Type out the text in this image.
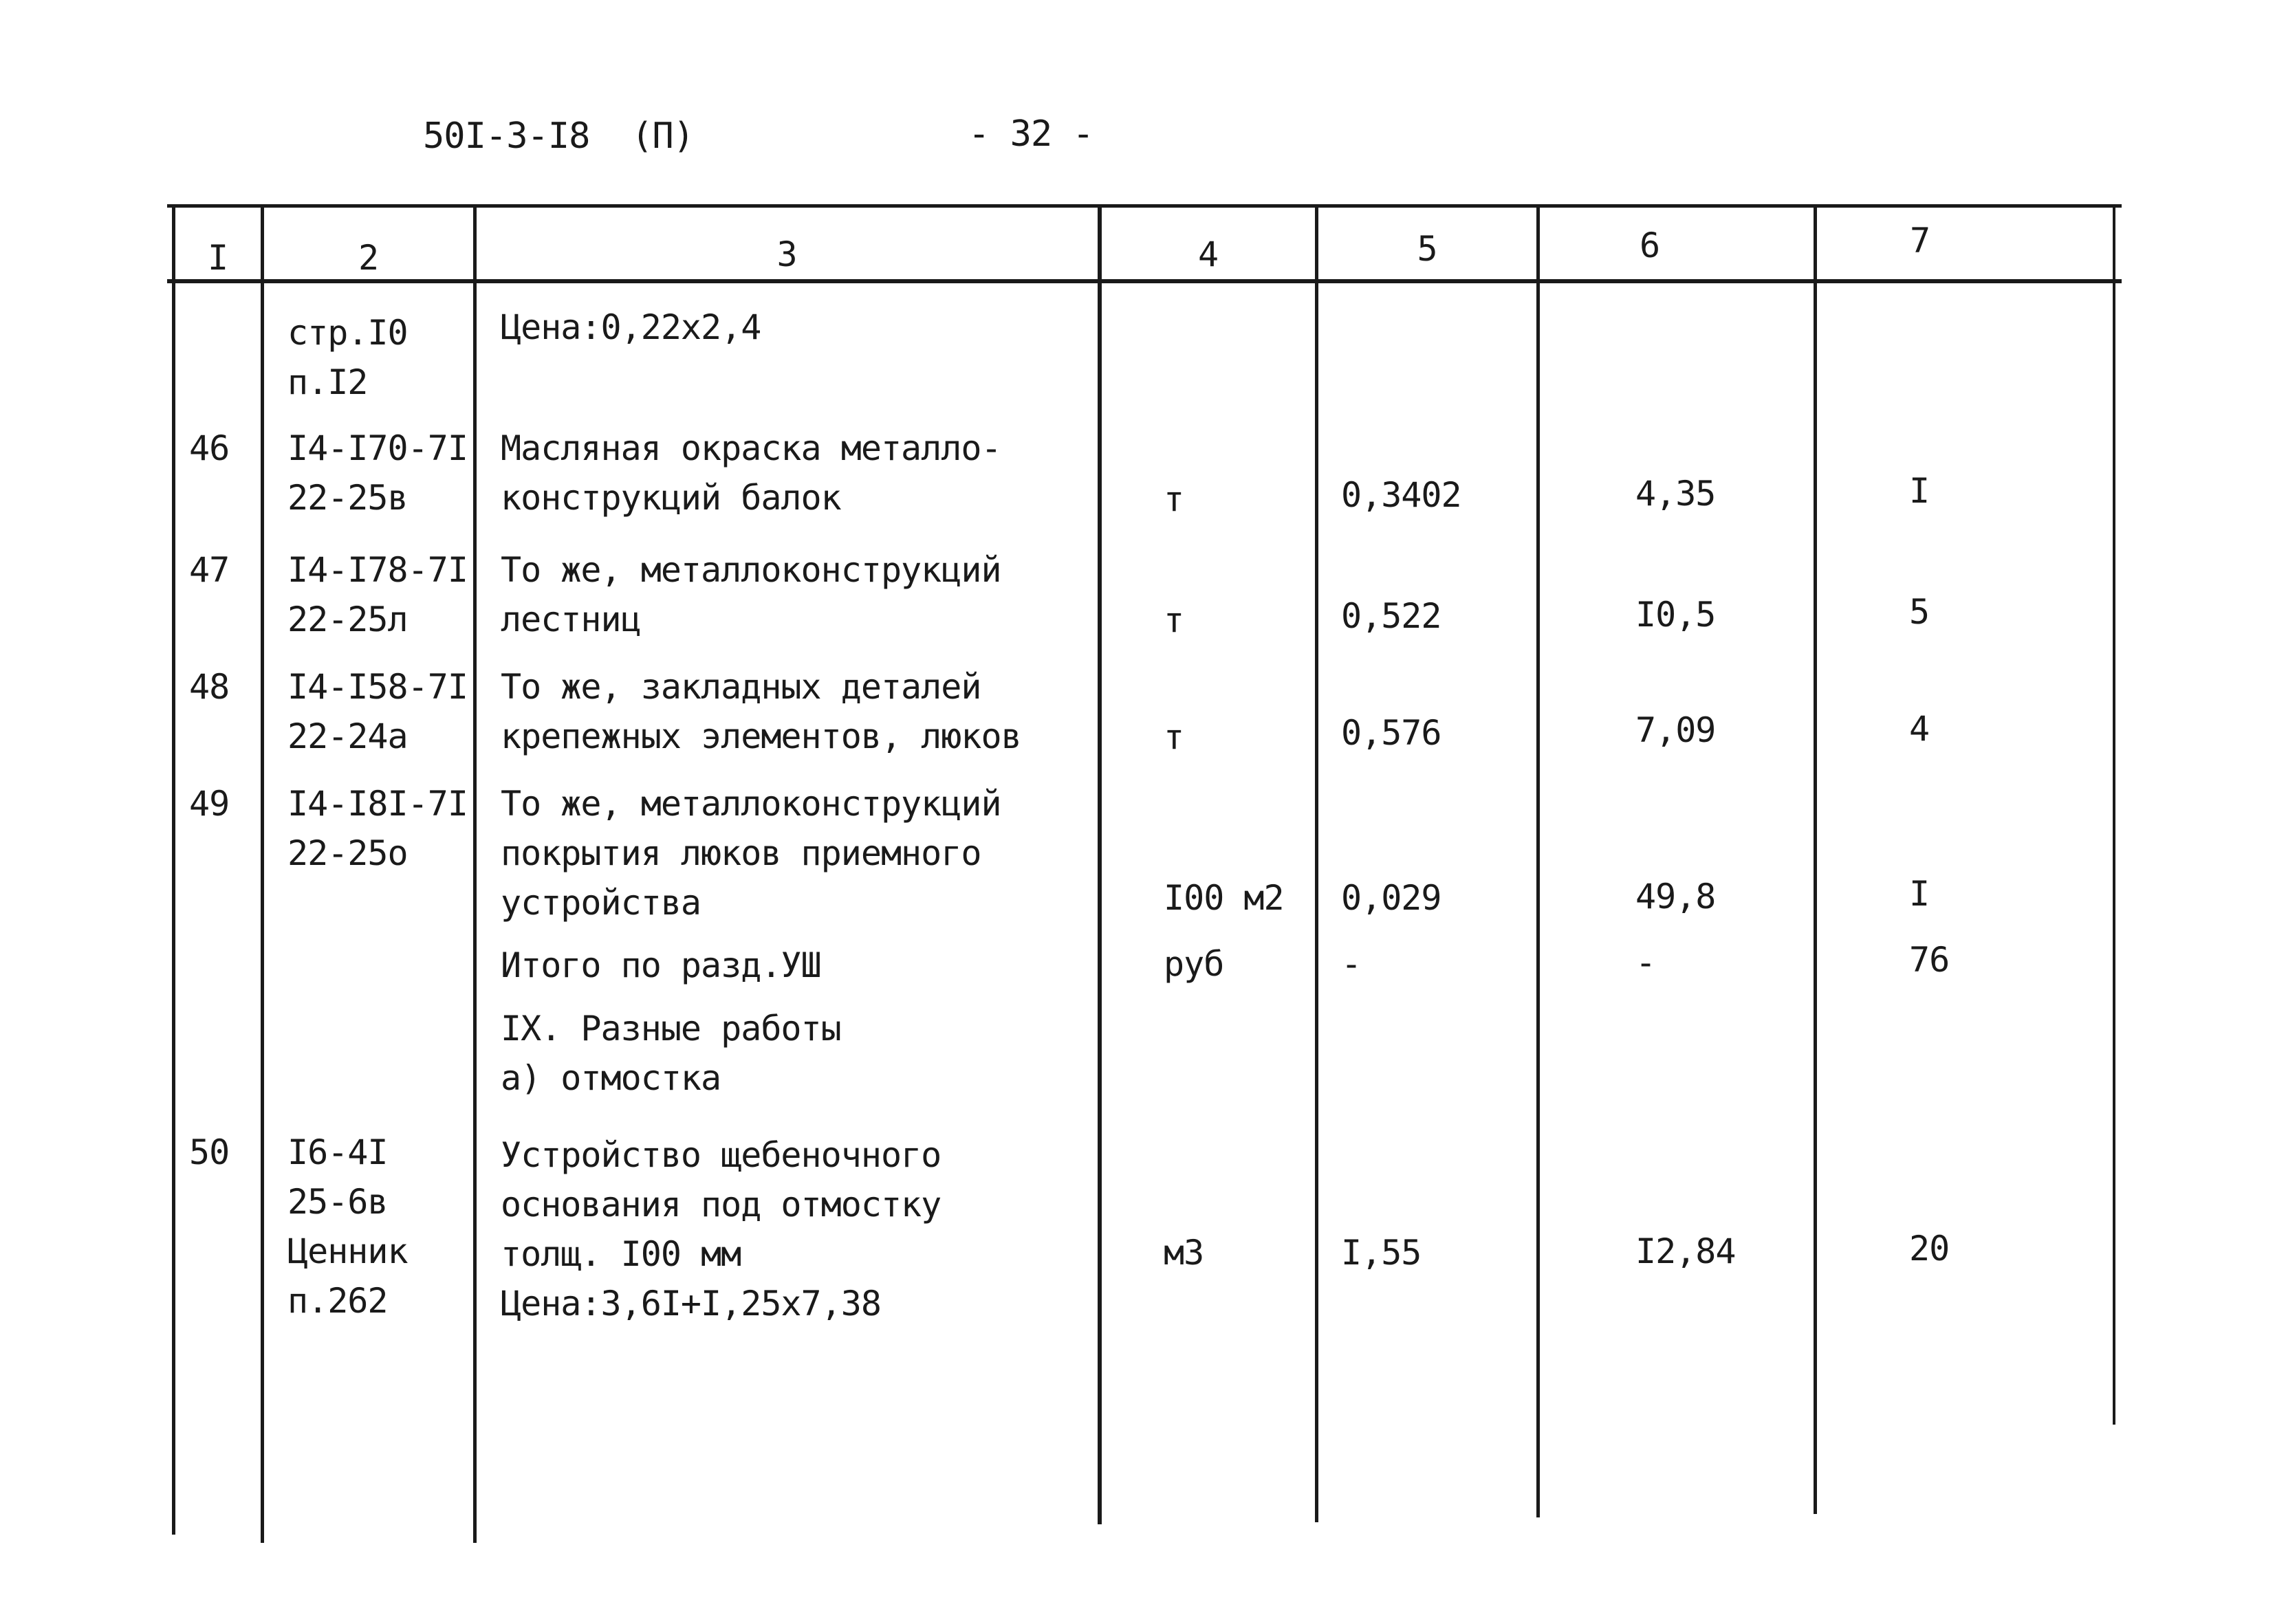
50I-3-I8  (П)	- 32 -
I	2	3	4	5	6	7
стр.I0
п.I2
Цена:0,22х2,4
46 I4-I70-7I
22-25в
Масляная окраска металло-
конструкций балок	т	0,3402	4,35	I
47 I4-I78-7I
22-25л
То же, металлоконструкций
лестниц	т	0,522	I0,5	5
48 I4-I58-7I
22-24а
То же, закладных деталей
крепежных элементов, люков	т	0,576	7,09	4
49 I4-I8I-7I
22-25о
То же, металлоконструкций
покрытия люков приемного
устройства	I00 м2 0,029	49,8	I
Итого по разд.УШ	руб	-	-	76
IX. Разные работы
а) отмостка
50 I6-4I
25-6в
Ценник
п.262
Устройство щебеночного
основания под отмостку
толщ. I00 мм
Цена:3,6I+I,25х7,38
м3	I,55	I2,84	20
